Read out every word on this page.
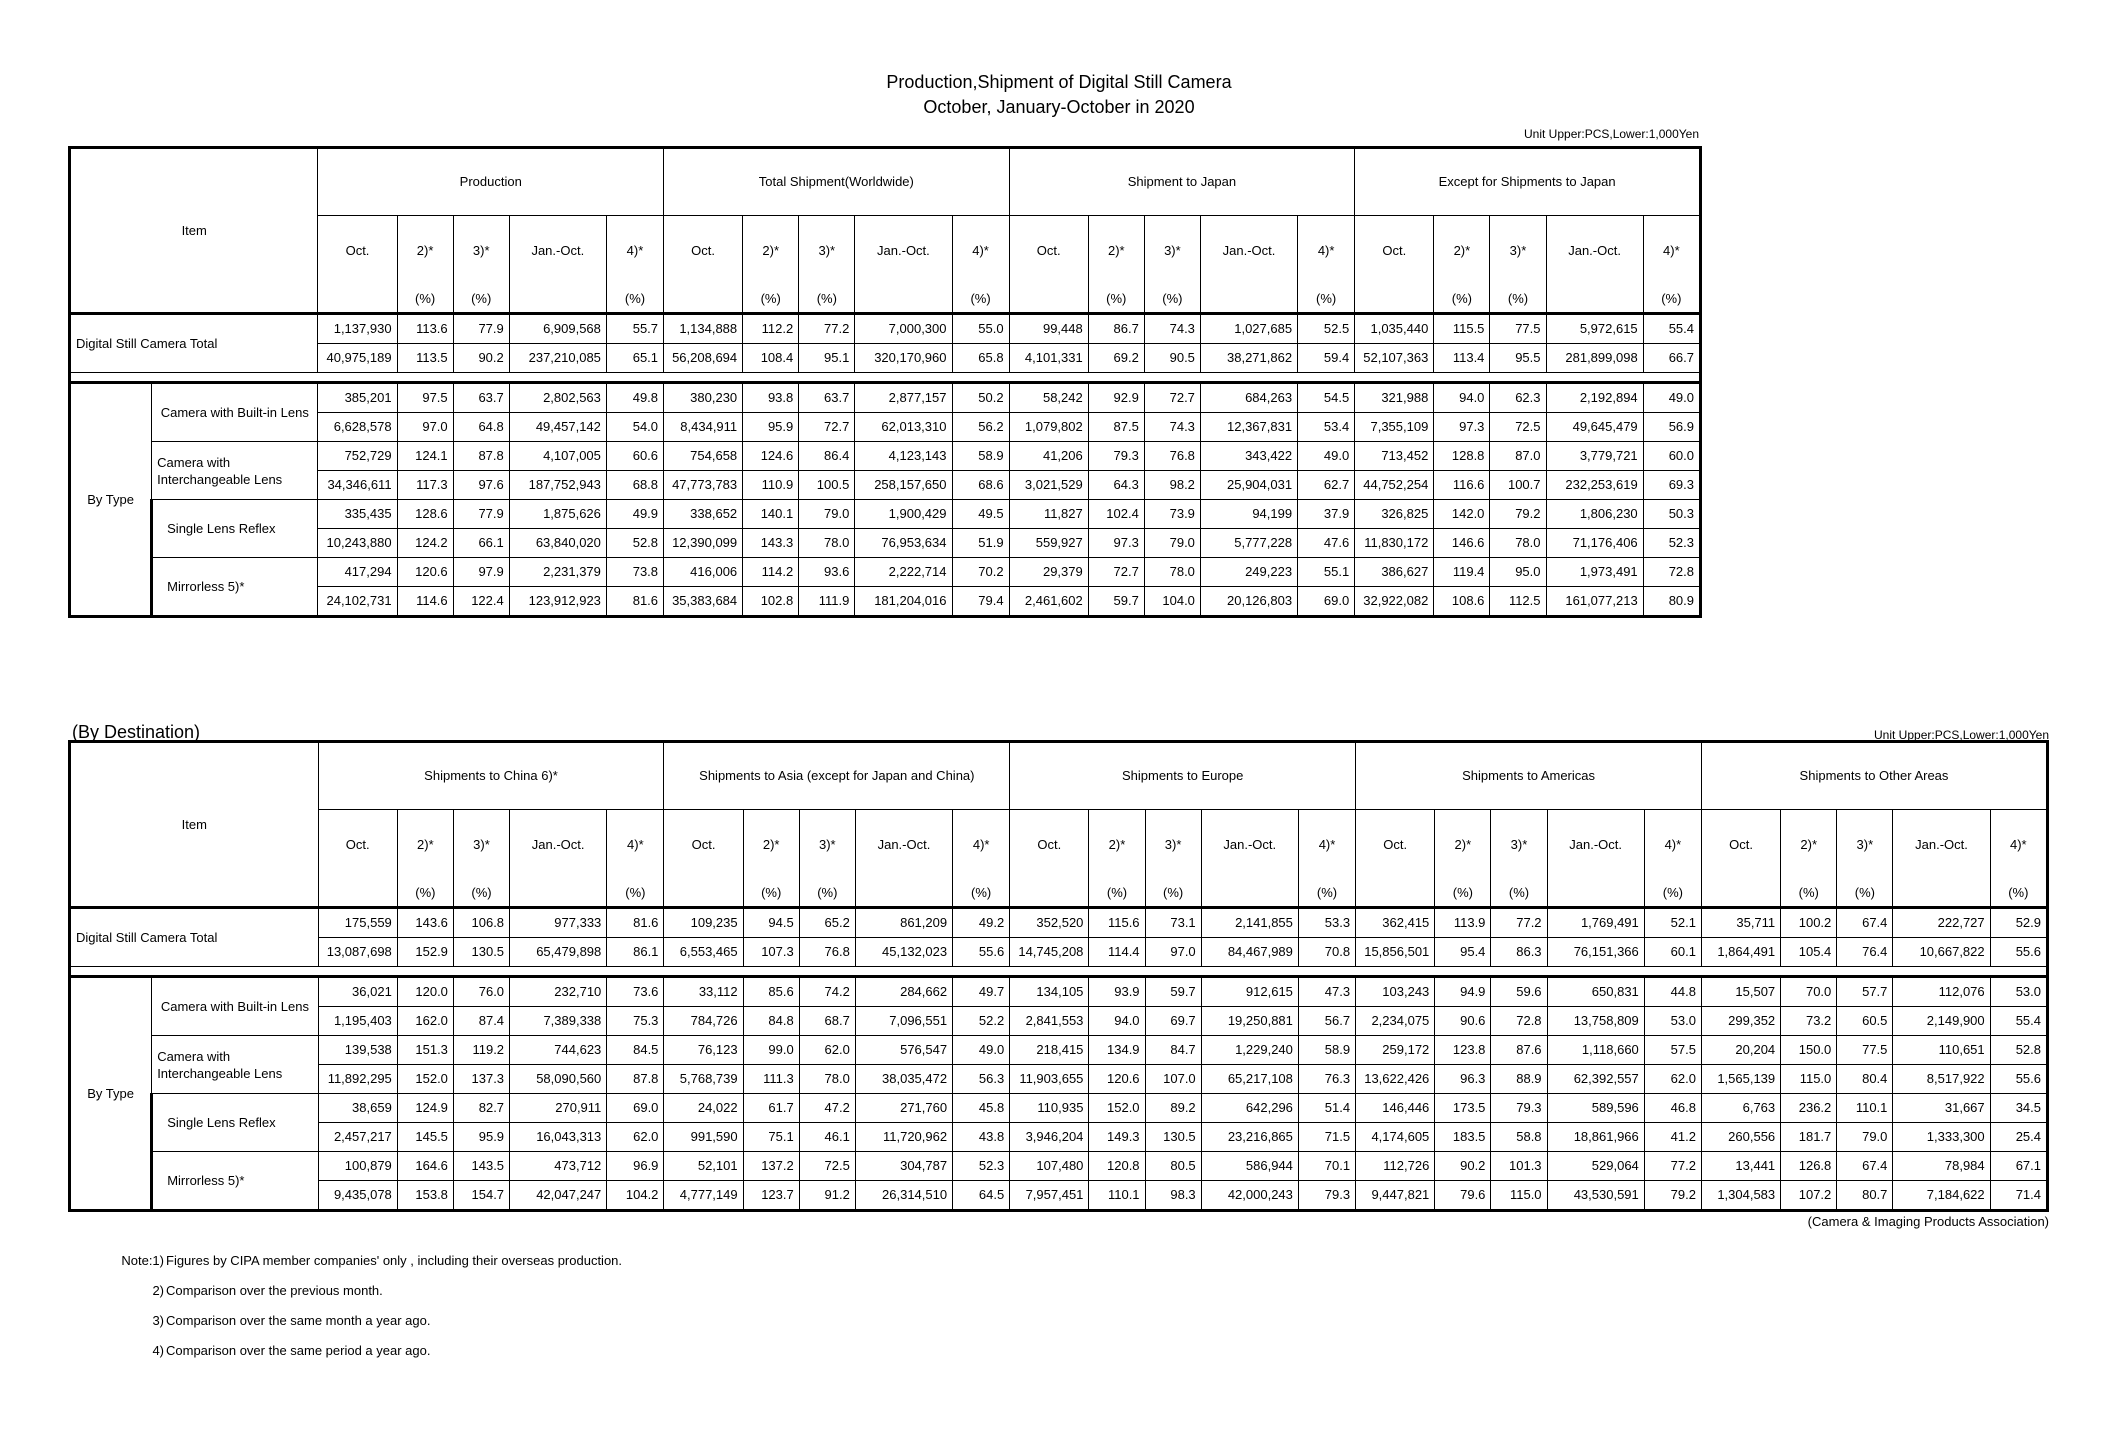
Production,Shipment of Digital Still Camera
October, January-October in 2020
Unit Upper:PCS,Lower:1,000Yen
Item		Production					Total Shipment(Worldwide)					Shipment to Japan					Except for Shipments to Japan				
		Oct.	2)*	3)*	Jan.-Oct.	4)*	Oct.	2)*	3)*	Jan.-Oct.	4)*	Oct.	2)*	3)*	Jan.-Oct.	4)*	Oct.	2)*	3)*	Jan.-Oct.	4)*
			(%)	(%)		(%)		(%)	(%)		(%)		(%)	(%)		(%)		(%)	(%)		(%)
Digital Still Camera Total		1,137,930	113.6	77.9	6,909,568	55.7	1,134,888	112.2	77.2	7,000,300	55.0	99,448	86.7	74.3	1,027,685	52.5	1,035,440	115.5	77.5	5,972,615	55.4
		40,975,189	113.5	90.2	237,210,085	65.1	56,208,694	108.4	95.1	320,170,960	65.8	4,101,331	69.2	90.5	38,271,862	59.4	52,107,363	113.4	95.5	281,899,098	66.7

By Type	Camera with Built-in Lens	385,201	97.5	63.7	2,802,563	49.8	380,230	93.8	63.7	2,877,157	50.2	58,242	92.9	72.7	684,263	54.5	321,988	94.0	62.3	2,192,894	49.0
		6,628,578	97.0	64.8	49,457,142	54.0	8,434,911	95.9	72.7	62,013,310	56.2	1,079,802	87.5	74.3	12,367,831	53.4	7,355,109	97.3	72.5	49,645,479	56.9
	Camera with Interchangeable Lens	752,729	124.1	87.8	4,107,005	60.6	754,658	124.6	86.4	4,123,143	58.9	41,206	79.3	76.8	343,422	49.0	713,452	128.8	87.0	3,779,721	60.0
		34,346,611	117.3	97.6	187,752,943	68.8	47,773,783	110.9	100.5	258,157,650	68.6	3,021,529	64.3	98.2	25,904,031	62.7	44,752,254	116.6	100.7	232,253,619	69.3
	Single Lens Reflex	335,435	128.6	77.9	1,875,626	49.9	338,652	140.1	79.0	1,900,429	49.5	11,827	102.4	73.9	94,199	37.9	326,825	142.0	79.2	1,806,230	50.3
		10,243,880	124.2	66.1	63,840,020	52.8	12,390,099	143.3	78.0	76,953,634	51.9	559,927	97.3	79.0	5,777,228	47.6	11,830,172	146.6	78.0	71,176,406	52.3
	Mirrorless 5)*	417,294	120.6	97.9	2,231,379	73.8	416,006	114.2	93.6	2,222,714	70.2	29,379	72.7	78.0	249,223	55.1	386,627	119.4	95.0	1,973,491	72.8
		24,102,731	114.6	122.4	123,912,923	81.6	35,383,684	102.8	111.9	181,204,016	79.4	2,461,602	59.7	104.0	20,126,803	69.0	32,922,082	108.6	112.5	161,077,213	80.9
(By Destination)	Unit Upper:PCS,Lower:1,000Yen
Item		Shipments to China 6)*					Shipments to Asia (except for Japan and China)					Shipments to Europe					Shipments to Americas					Shipments to Other Areas				
		Oct.	2)*	3)*	Jan.-Oct.	4)*	Oct.	2)*	3)*	Jan.-Oct.	4)*	Oct.	2)*	3)*	Jan.-Oct.	4)*	Oct.	2)*	3)*	Jan.-Oct.	4)*	Oct.	2)*	3)*	Jan.-Oct.	4)*
			(%)	(%)		(%)		(%)	(%)		(%)		(%)	(%)		(%)		(%)	(%)		(%)		(%)	(%)		(%)
Digital Still Camera Total		175,559	143.6	106.8	977,333	81.6	109,235	94.5	65.2	861,209	49.2	352,520	115.6	73.1	2,141,855	53.3	362,415	113.9	77.2	1,769,491	52.1	35,711	100.2	67.4	222,727	52.9
		13,087,698	152.9	130.5	65,479,898	86.1	6,553,465	107.3	76.8	45,132,023	55.6	14,745,208	114.4	97.0	84,467,989	70.8	15,856,501	95.4	86.3	76,151,366	60.1	1,864,491	105.4	76.4	10,667,822	55.6

By Type	Camera with Built-in Lens	36,021	120.0	76.0	232,710	73.6	33,112	85.6	74.2	284,662	49.7	134,105	93.9	59.7	912,615	47.3	103,243	94.9	59.6	650,831	44.8	15,507	70.0	57.7	112,076	53.0
		1,195,403	162.0	87.4	7,389,338	75.3	784,726	84.8	68.7	7,096,551	52.2	2,841,553	94.0	69.7	19,250,881	56.7	2,234,075	90.6	72.8	13,758,809	53.0	299,352	73.2	60.5	2,149,900	55.4
	Camera with Interchangeable Lens	139,538	151.3	119.2	744,623	84.5	76,123	99.0	62.0	576,547	49.0	218,415	134.9	84.7	1,229,240	58.9	259,172	123.8	87.6	1,118,660	57.5	20,204	150.0	77.5	110,651	52.8
		11,892,295	152.0	137.3	58,090,560	87.8	5,768,739	111.3	78.0	38,035,472	56.3	11,903,655	120.6	107.0	65,217,108	76.3	13,622,426	96.3	88.9	62,392,557	62.0	1,565,139	115.0	80.4	8,517,922	55.6
	Single Lens Reflex	38,659	124.9	82.7	270,911	69.0	24,022	61.7	47.2	271,760	45.8	110,935	152.0	89.2	642,296	51.4	146,446	173.5	79.3	589,596	46.8	6,763	236.2	110.1	31,667	34.5
		2,457,217	145.5	95.9	16,043,313	62.0	991,590	75.1	46.1	11,720,962	43.8	3,946,204	149.3	130.5	23,216,865	71.5	4,174,605	183.5	58.8	18,861,966	41.2	260,556	181.7	79.0	1,333,300	25.4
	Mirrorless 5)*	100,879	164.6	143.5	473,712	96.9	52,101	137.2	72.5	304,787	52.3	107,480	120.8	80.5	586,944	70.1	112,726	90.2	101.3	529,064	77.2	13,441	126.8	67.4	78,984	67.1
		9,435,078	153.8	154.7	42,047,247	104.2	4,777,149	123.7	91.2	26,314,510	64.5	7,957,451	110.1	98.3	42,000,243	79.3	9,447,821	79.6	115.0	43,530,591	79.2	1,304,583	107.2	80.7	7,184,622	71.4
(Camera & Imaging Products Association)
Note:1) Figures by CIPA member companies' only , including their overseas production.
2) Comparison over the previous month.
3) Comparison over the same month a year ago.
4) Comparison over the same period a year ago.
